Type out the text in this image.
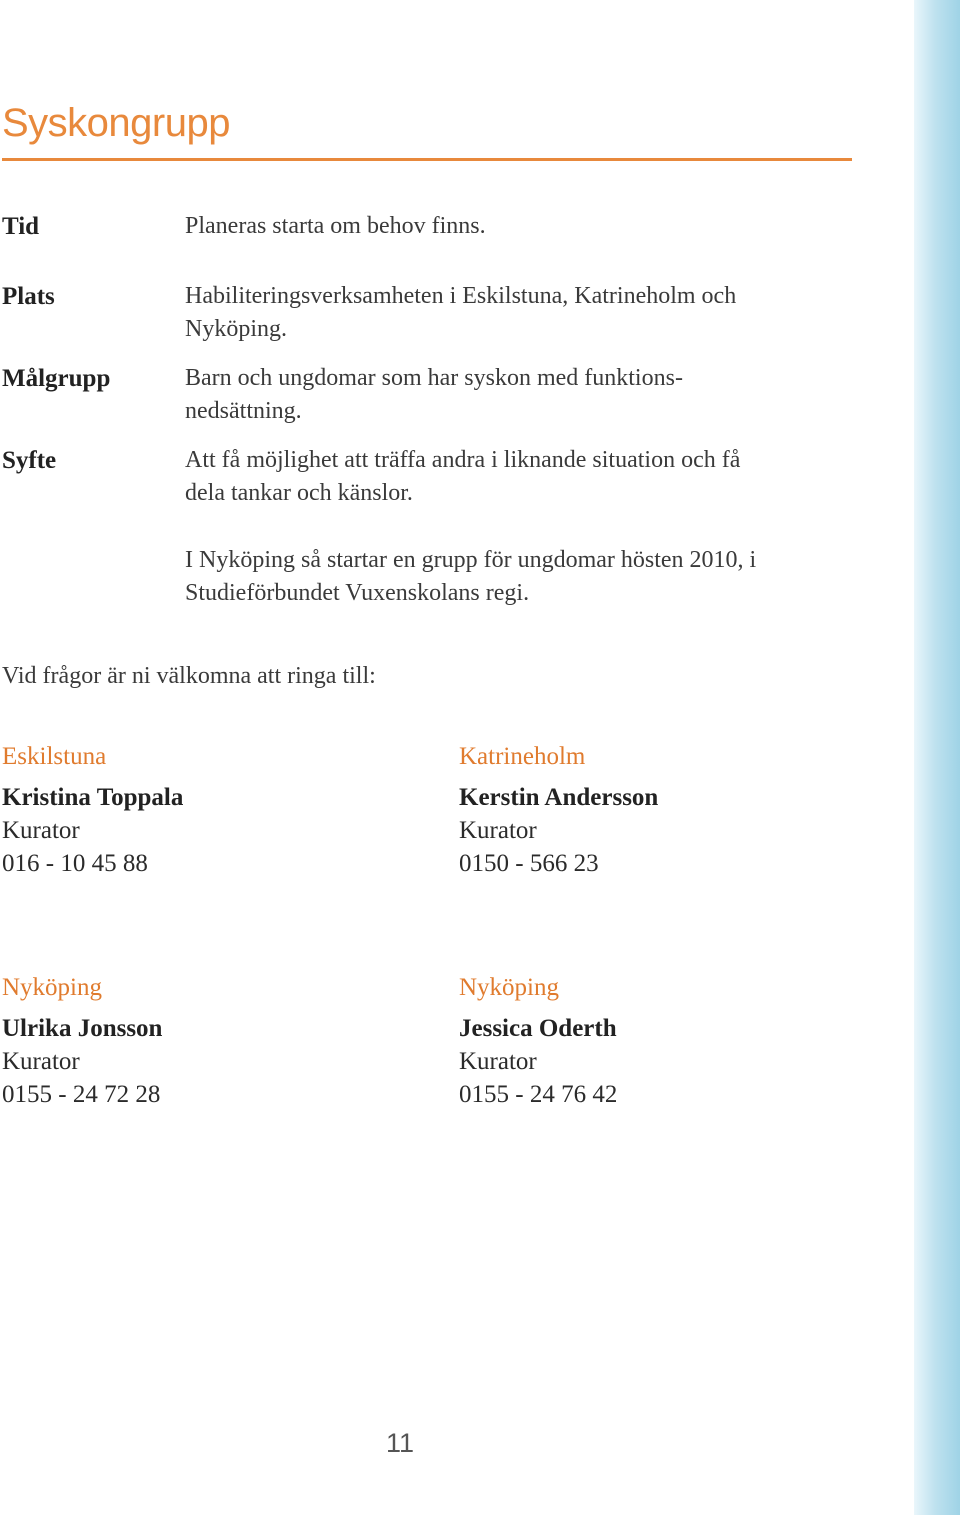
Syskongrupp
Tid	Planeras starta om behov finns.
Plats	Habiliteringsverksamheten i Eskilstuna, Katrineholm och
Nyköping.
Målgrupp	Barn och ungdomar som har syskon med funktions-
nedsättning.
Syfte	Att få möjlighet att träffa andra i liknande situation och få
dela tankar och känslor.
I Nyköping så startar en grupp för ungdomar hösten 2010, i
Studieförbundet Vuxenskolans regi.
Vid frågor är ni välkomna att ringa till:
Eskilstuna
Kristina Toppala
Kurator
016 - 10 45 88
Katrineholm
Kerstin Andersson
Kurator
0150 - 566 23
Nyköping
Ulrika Jonsson
Kurator
0155 - 24 72 28
Nyköping
Jessica Oderth
Kurator
0155 - 24 76 42
11
